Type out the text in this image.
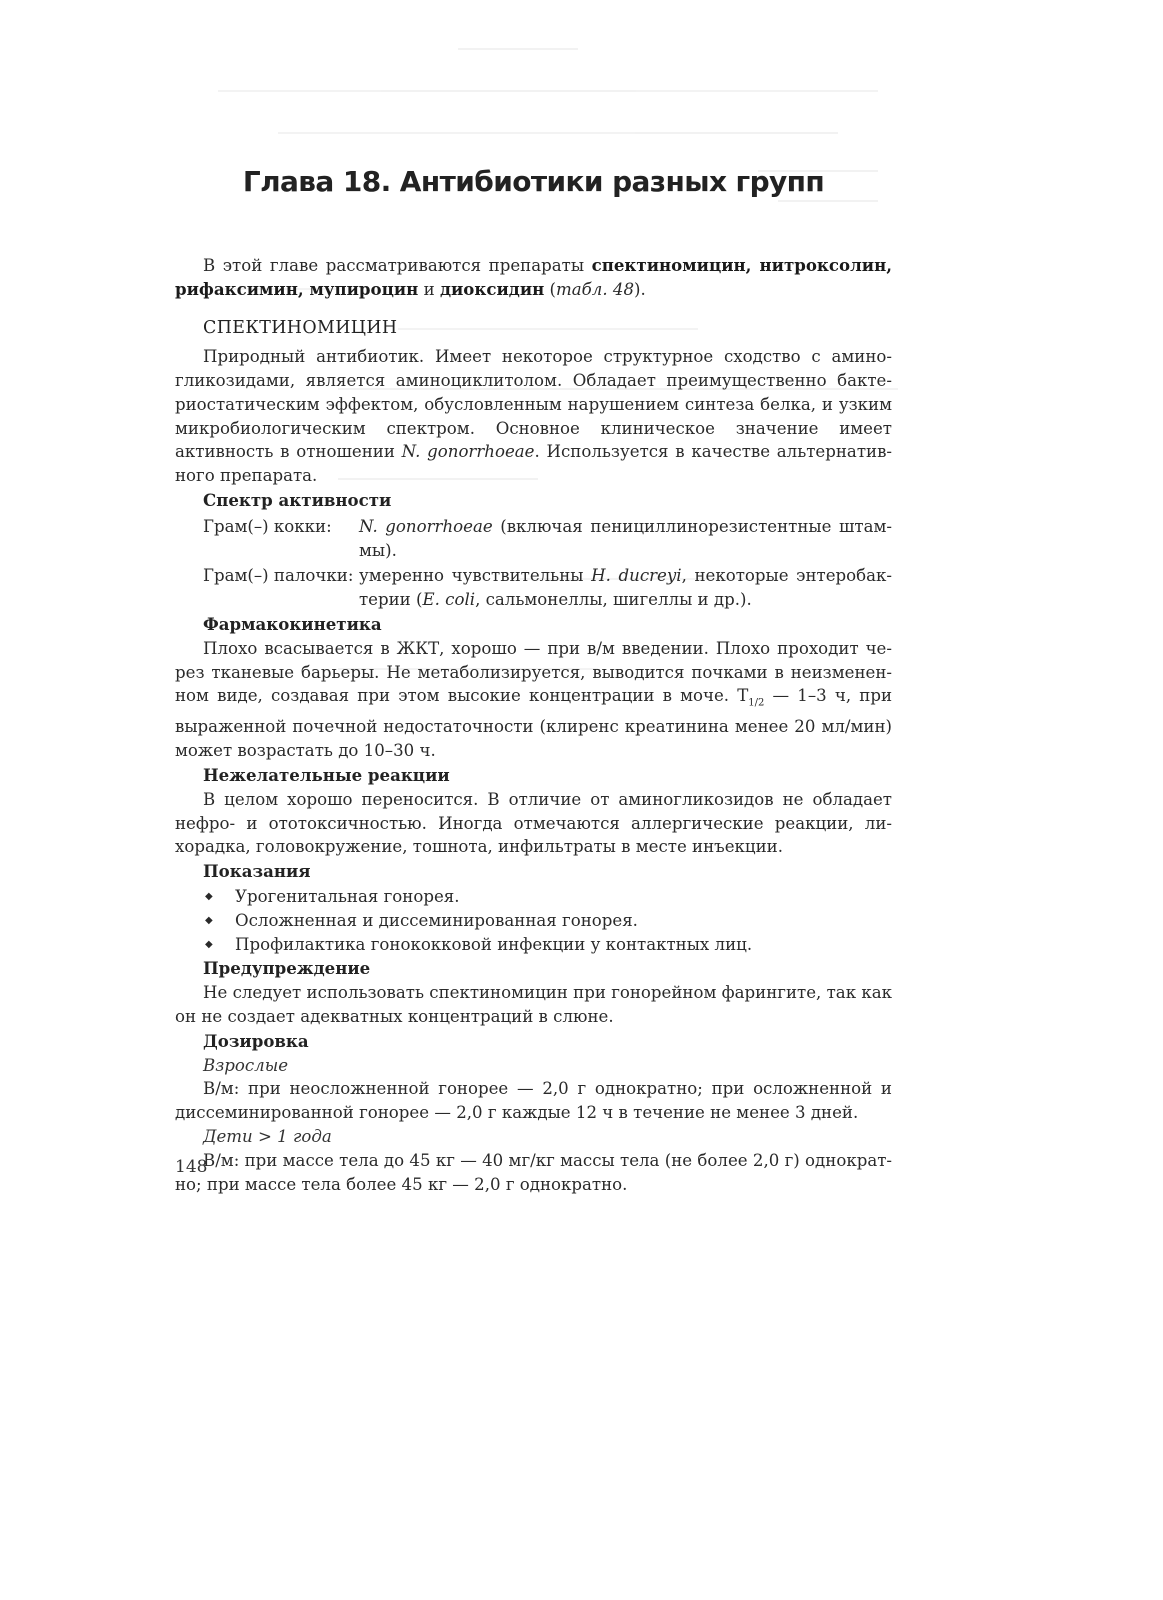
Глава 18. Антибиотики разных групп

В этой главе рассматриваются препараты спектиномицин, нитроксолин, рифаксимин, мупироцин и диоксидин (табл. 48).

СПЕКТИНОМИЦИН

Природный антибиотик. Имеет некоторое структурное сходство с аминогликозидами, является аминоциклитолом. Обладает преимущественно бактериостатическим эффектом, обусловленным нарушением синтеза белка, и узким микробиологическим спектром. Основное клиническое значение имеет активность в отношении N. gonorrhoeae. Используется в качестве альтернативного препарата.

Спектр активности
Грам(–) кокки:	N. gonorrhoeae (включая пенициллинорезистентные штаммы).
Грам(–) палочки: умеренно чувствительны H. ducreyi, некоторые энтеробактерии (E. coli, сальмонеллы, шигеллы и др.).
Фармакокинетика

Плохо всасывается в ЖКТ, хорошо — при в/м введении. Плохо проходит через тканевые барьеры. Не метаболизируется, выводится почками в неизмененном виде, создавая при этом высокие концентрации в моче. $T_{1/2}$ — 1–3 ч, при выраженной почечной недостаточности (клиренс креатинина менее 20 мл/мин) может возрастать до 10–30 ч.

Нежелательные реакции

В целом хорошо переносится. В отличие от аминогликозидов не обладает нефро- и ототоксичностью. Иногда отмечаются аллергические реакции, лихорадка, головокружение, тошнота, инфильтраты в месте инъекции.

Показания
◆ Урогенитальная гонорея.
◆ Осложненная и диссеминированная гонорея.
◆ Профилактика гонококковой инфекции у контактных лиц.
Предупреждение

Не следует использовать спектиномицин при гонорейном фарингите, так как он не создает адекватных концентраций в слюне.

Дозировка
Взрослые

В/м: при неосложненной гонорее — 2,0 г однократно; при осложненной и диссеминированной гонорее — 2,0 г каждые 12 ч в течение не менее 3 дней.

Дети > 1 года

В/м: при массе тела до 45 кг — 40 мг/кг массы тела (не более 2,0 г) однократно; при массе тела более 45 кг — 2,0 г однократно.

148
